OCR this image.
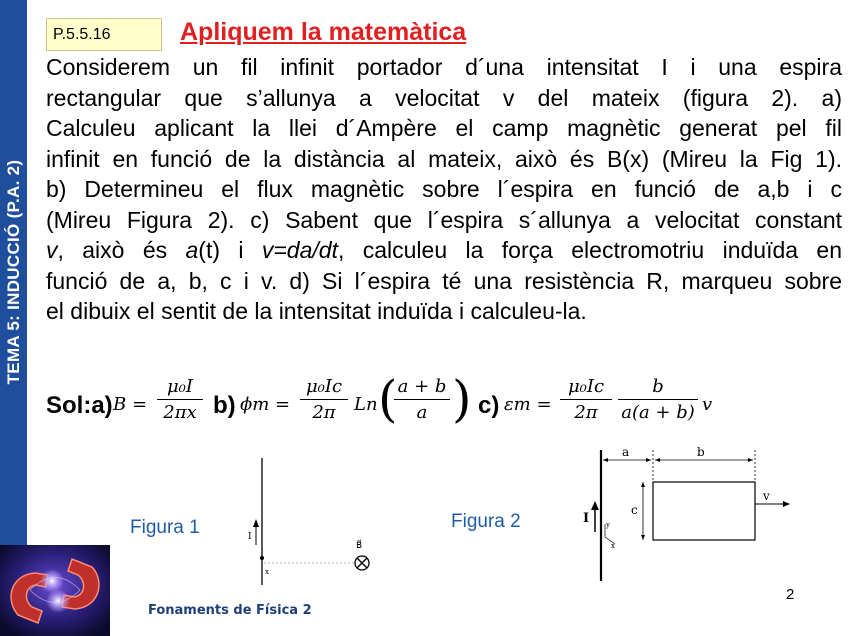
TEMA 5: INDUCCIÓ (P.A. 2)
P.5.5.16	Apliquem la matemàtica
Considerem un fil infinit portador d´una intensitat I i una espira
rectangular que s’allunya a velocitat v del mateix (figura 2). a)
Calculeu aplicant la llei d´Ampère el camp magnètic generat pel fil
infinit en funció de la distància al mateix, això és B(x) (Mireu la Fig 1).
b) Determineu el flux magnètic sobre l´espira en funció de a,b i c
(Mireu Figura 2). c) Sabent que l´espira s´allunya a velocitat constant
v, això és a(t) i v=da/dt, calculeu la força electromotriu induïda en
funció de a, b, c i v. d) Si l´espira té una resistència R, marqueu sobre
el dibuix el sentit de la intensitat induïda i calculeu-la.
Sol:a) $B = \frac{\text{μ₀I}}{2\pi x} b$) $\phi m = \frac{\text{μ₀Ic}}{2\pi}$ Ln (
$\frac{a + b}{a}$ ) c) $\varepsilon m = \frac{\text{μ₀Ic}}{2\pi} \frac{b}{a(a + b)}$ v
Figura 1	I
x
B⃗
Figura 2
a	b
c
v
I y
x
2
Fonaments de Física 2
